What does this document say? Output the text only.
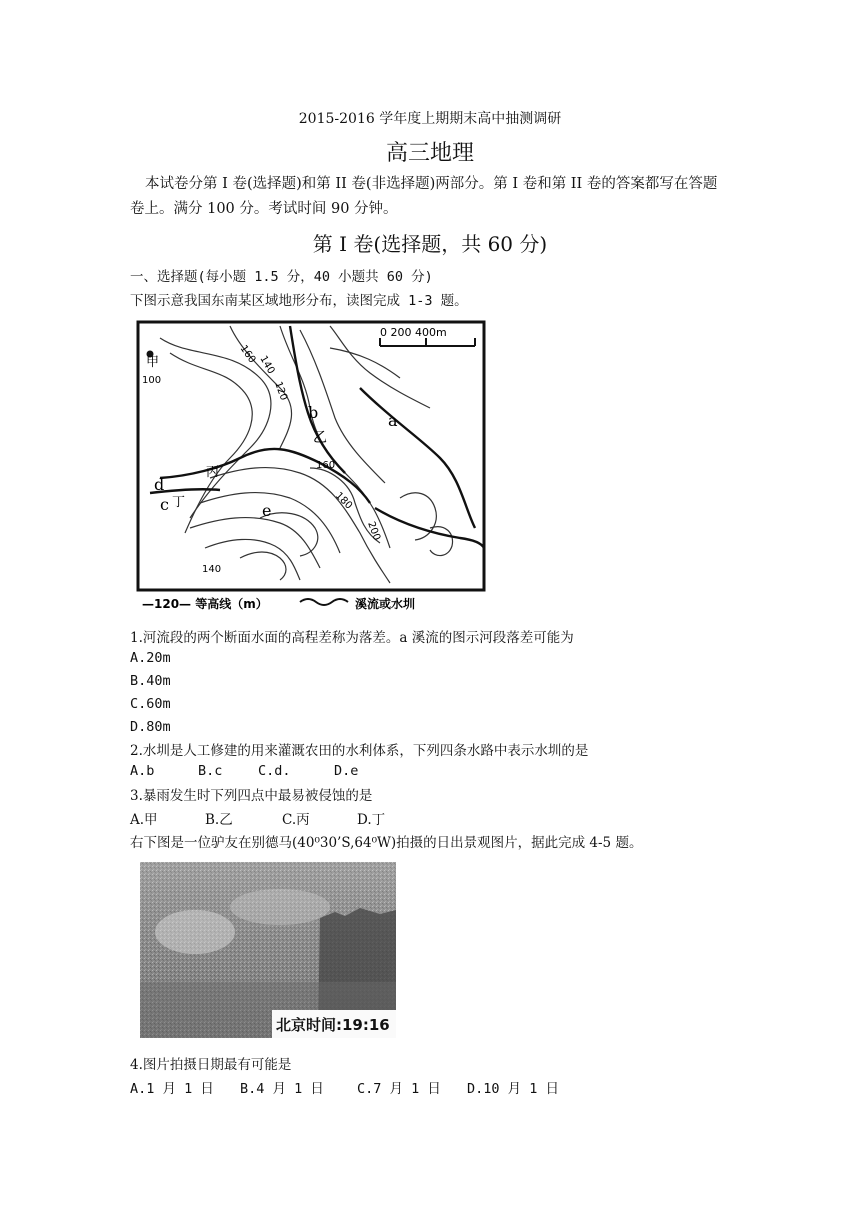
2015-2016 学年度上期期末高中抽测调研
高三地理
本试卷分第 I 卷(选择题)和第 II 卷(非选择题)两部分。第 I 卷和第 II 卷的答案都写在答题卷上。满分 100 分。考试时间 90 分钟。
第 I 卷(选择题，共 60 分)
一、选择题(每小题 1.5 分，40 小题共 60 分)
下图示意我国东南某区域地形分布，读图完成 1-3 题。
0 200 400m
甲
100
b
乙
a
丙
d
丁
c	e
160 140
120
160
180
200
140
—120— 等高线（m）	溪流或水圳
1.河流段的两个断面水面的高程差称为落差。a 溪流的图示河段落差可能为
A.20m
B.40m
C.60m
D.80m
2.水圳是人工修建的用来灌溉农田的水利体系，下列四条水路中表示水圳的是
A.b	B.c	C.d.	D.e
3.暴雨发生时下列四点中最易被侵蚀的是
A.甲	B.乙	C.丙	D.丁
右下图是一位驴友在别德马(40⁰30’S,64⁰W)拍摄的日出景观图片，据此完成 4-5 题。
北京时间:19:16
4.图片拍摄日期最有可能是
A.1 月 1 日 B.4 月 1 日 C.7 月 1 日 D.10 月 1 日
